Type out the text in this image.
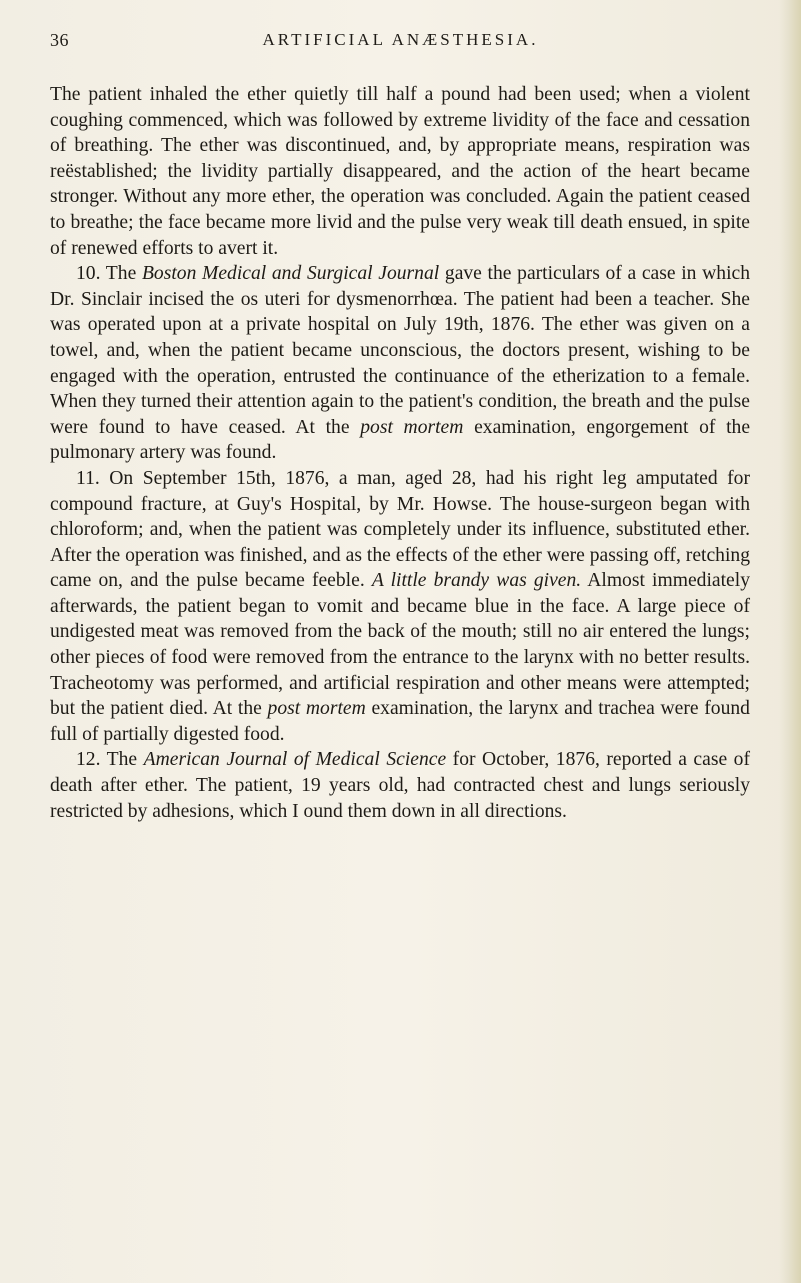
36	ARTIFICIAL ANÆSTHESIA.

The patient inhaled the ether quietly till half a pound had been used; when a violent coughing commenced, which was followed by extreme lividity of the face and cessation of breathing. The ether was discontinued, and, by appropriate means, respiration was reëstablished; the lividity partially disappeared, and the action of the heart became stronger. Without any more ether, the operation was concluded. Again the patient ceased to breathe; the face became more livid and the pulse very weak till death ensued, in spite of renewed efforts to avert it.

10. The Boston Medical and Surgical Journal gave the particulars of a case in which Dr. Sinclair incised the os uteri for dysmenorrhœa. The patient had been a teacher. She was operated upon at a private hospital on July 19th, 1876. The ether was given on a towel, and, when the patient became unconscious, the doctors present, wishing to be engaged with the operation, entrusted the continuance of the etherization to a female. When they turned their attention again to the patient's condition, the breath and the pulse were found to have ceased. At the post mortem examination, engorgement of the pulmonary artery was found.

11. On September 15th, 1876, a man, aged 28, had his right leg amputated for compound fracture, at Guy's Hospital, by Mr. Howse. The house-surgeon began with chloroform; and, when the patient was completely under its influence, substituted ether. After the operation was finished, and as the effects of the ether were passing off, retching came on, and the pulse became feeble. A little brandy was given. Almost immediately afterwards, the patient began to vomit and became blue in the face. A large piece of undigested meat was removed from the back of the mouth; still no air entered the lungs; other pieces of food were removed from the entrance to the larynx with no better results. Tracheotomy was performed, and artificial respiration and other means were attempted; but the patient died. At the post mortem examination, the larynx and trachea were found full of partially digested food.

12. The American Journal of Medical Science for October, 1876, reported a case of death after ether. The patient, 19 years old, had contracted chest and lungs seriously restricted by adhesions, which I ound them down in all directions.
